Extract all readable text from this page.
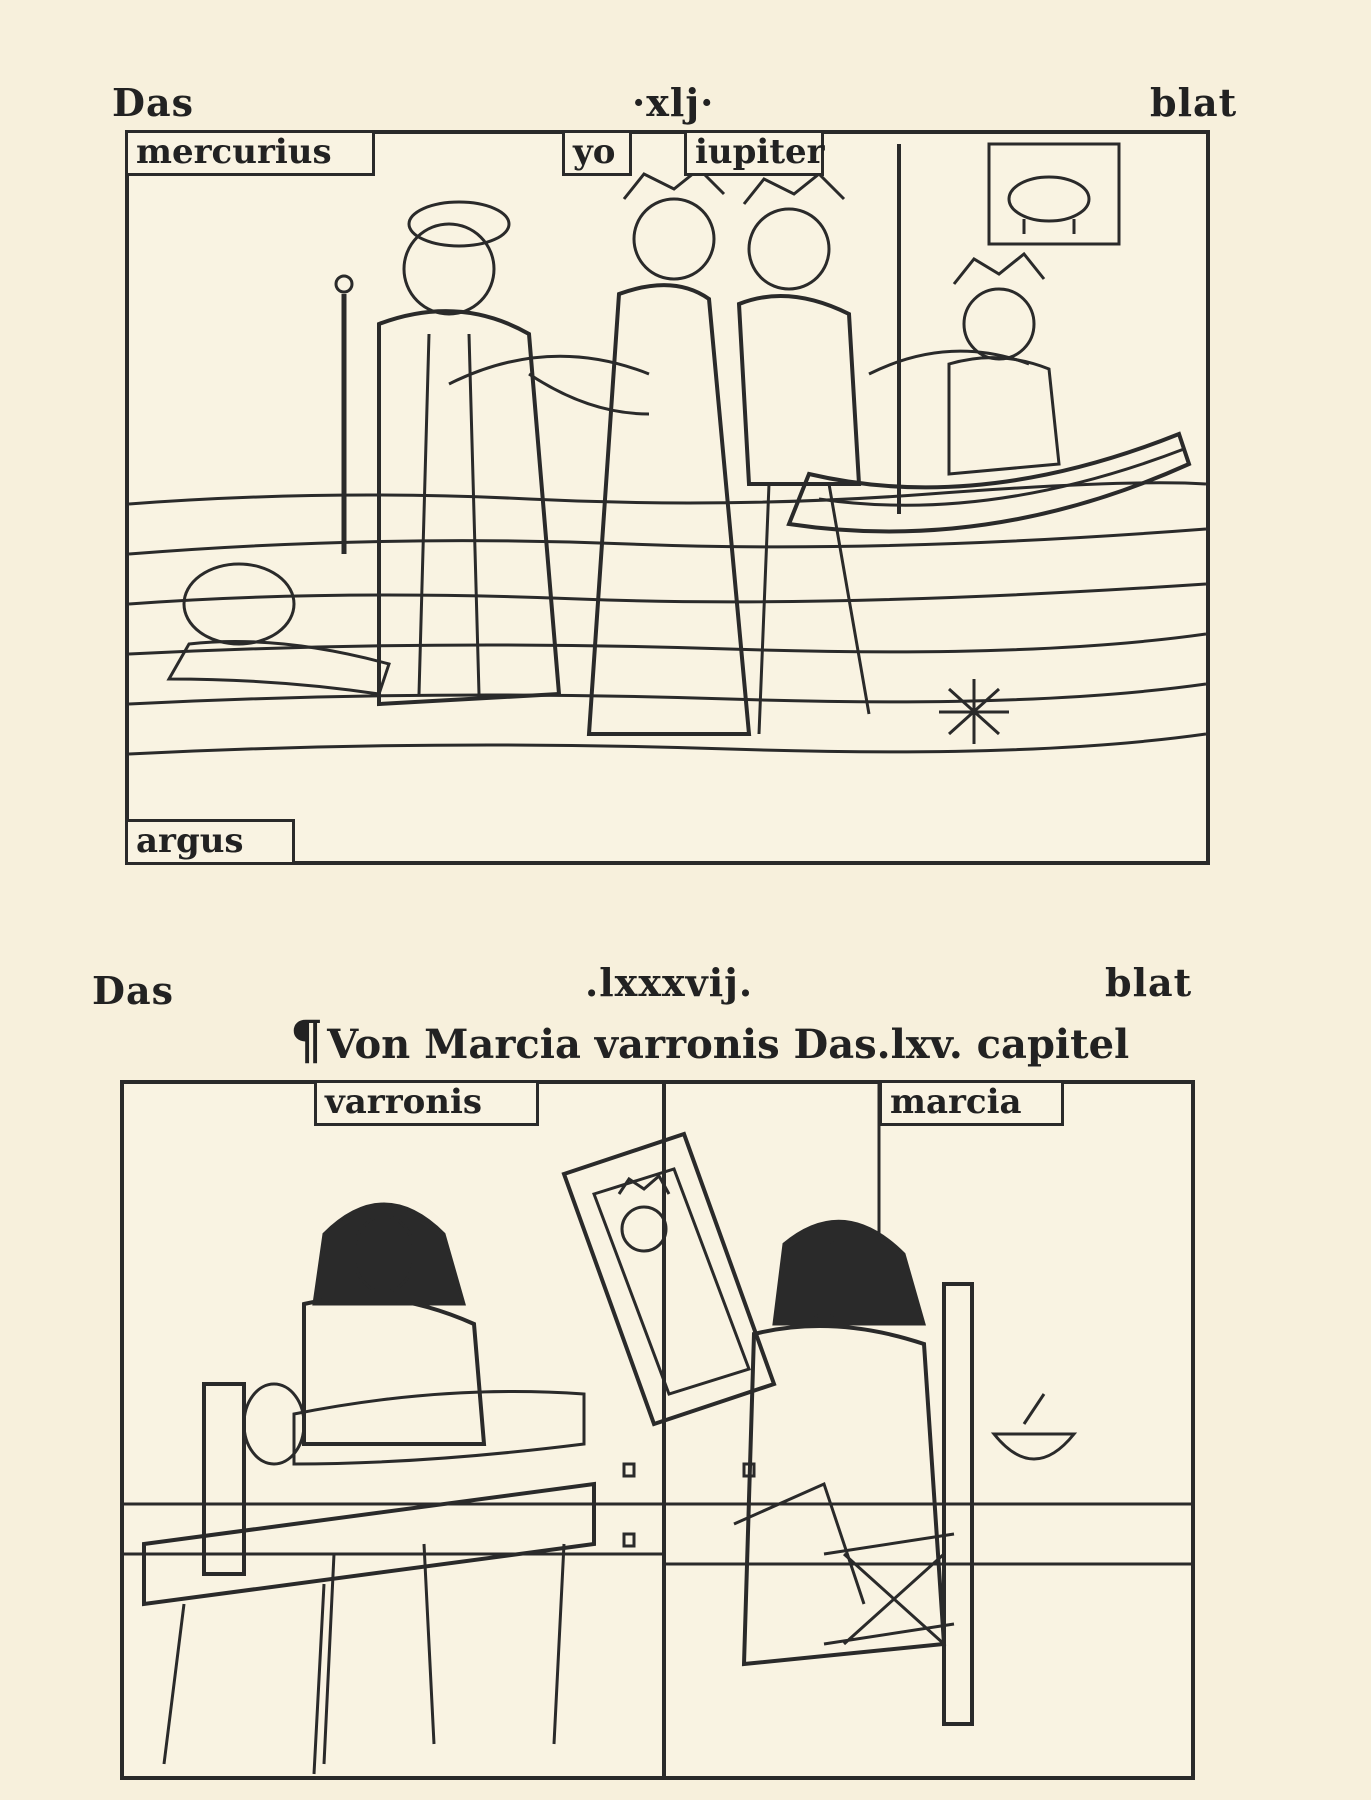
Das	·xlj·	blat
mercurius	yo	iupiter
argus
Das	.lxxxvij.	blat
¶ Von Marcia varronis Das.lxv. capitel
varronis	marcia
